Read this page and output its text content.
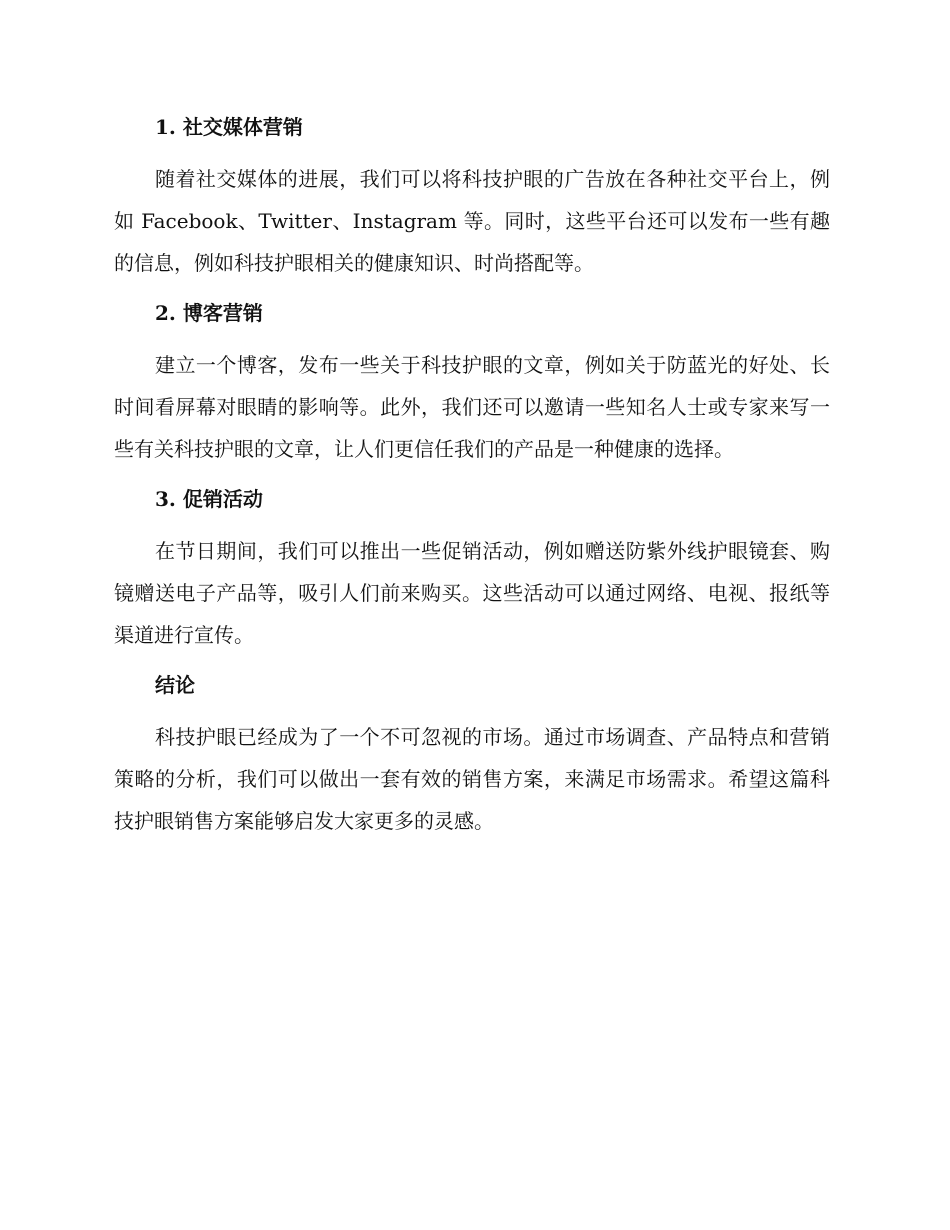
1. 社交媒体营销

随着社交媒体的进展，我们可以将科技护眼的广告放在各种社交平台上，例如 Facebook、Twitter、Instagram 等。同时，这些平台还可以发布一些有趣的信息，例如科技护眼相关的健康知识、时尚搭配等。

2. 博客营销

建立一个博客，发布一些关于科技护眼的文章，例如关于防蓝光的好处、长时间看屏幕对眼睛的影响等。此外，我们还可以邀请一些知名人士或专家来写一些有关科技护眼的文章，让人们更信任我们的产品是一种健康的选择。

3. 促销活动

在节日期间，我们可以推出一些促销活动，例如赠送防紫外线护眼镜套、购镜赠送电子产品等，吸引人们前来购买。这些活动可以通过网络、电视、报纸等渠道进行宣传。

结论

科技护眼已经成为了一个不可忽视的市场。通过市场调查、产品特点和营销策略的分析，我们可以做出一套有效的销售方案，来满足市场需求。希望这篇科技护眼销售方案能够启发大家更多的灵感。
